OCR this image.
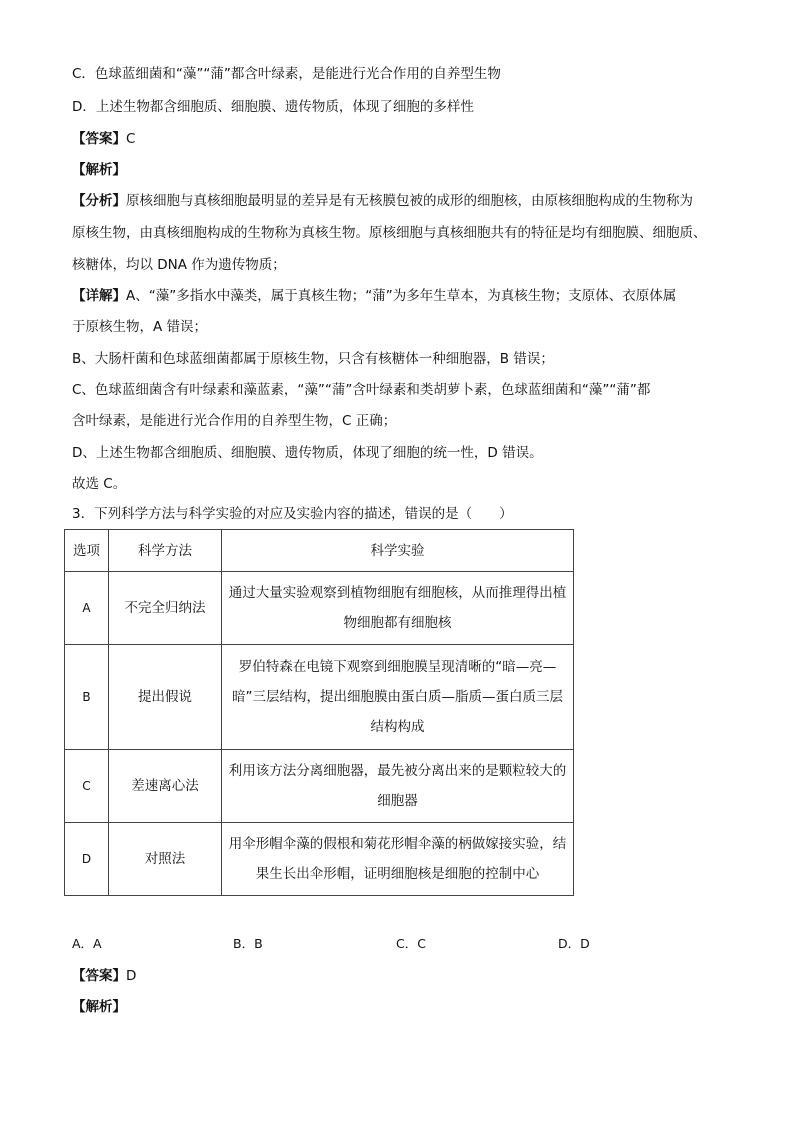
C．色球蓝细菌和“藻”“蒲”都含叶绿素，是能进行光合作用的自养型生物
D．上述生物都含细胞质、细胞膜、遗传物质，体现了细胞的多样性
【答案】C
【解析】
【分析】原核细胞与真核细胞最明显的差异是有无核膜包被的成形的细胞核，由原核细胞构成的生物称为
原核生物，由真核细胞构成的生物称为真核生物。原核细胞与真核细胞共有的特征是均有细胞膜、细胞质、
核糖体，均以 DNA 作为遗传物质；
【详解】A、“藻”多指水中藻类，属于真核生物；“蒲”为多年生草本，为真核生物；支原体、衣原体属
于原核生物，A 错误；
B、大肠杆菌和色球蓝细菌都属于原核生物，只含有核糖体一种细胞器，B 错误；
C、色球蓝细菌含有叶绿素和藻蓝素，“藻”“蒲”含叶绿素和类胡萝卜素，色球蓝细菌和“藻”“蒲”都
含叶绿素，是能进行光合作用的自养型生物，C 正确；
D、上述生物都含细胞质、细胞膜、遗传物质，体现了细胞的统一性，D 错误。
故选 C。
3．下列科学方法与科学实验的对应及实验内容的描述，错误的是（　　）
选项	科学方法	科学实验
A	不完全归纳法	通过大量实验观察到植物细胞有细胞核，从而推理得出植物细胞都有细胞核
B	提出假说	罗伯特森在电镜下观察到细胞膜呈现清晰的“暗—亮—暗”三层结构，提出细胞膜由蛋白质—脂质—蛋白质三层结构构成
C	差速离心法	利用该方法分离细胞器，最先被分离出来的是颗粒较大的细胞器
D	对照法	用伞形帽伞藻的假根和菊花形帽伞藻的柄做嫁接实验，结果生长出伞形帽，证明细胞核是细胞的控制中心
A．A	B．B	C．C	D．D
【答案】D
【解析】
